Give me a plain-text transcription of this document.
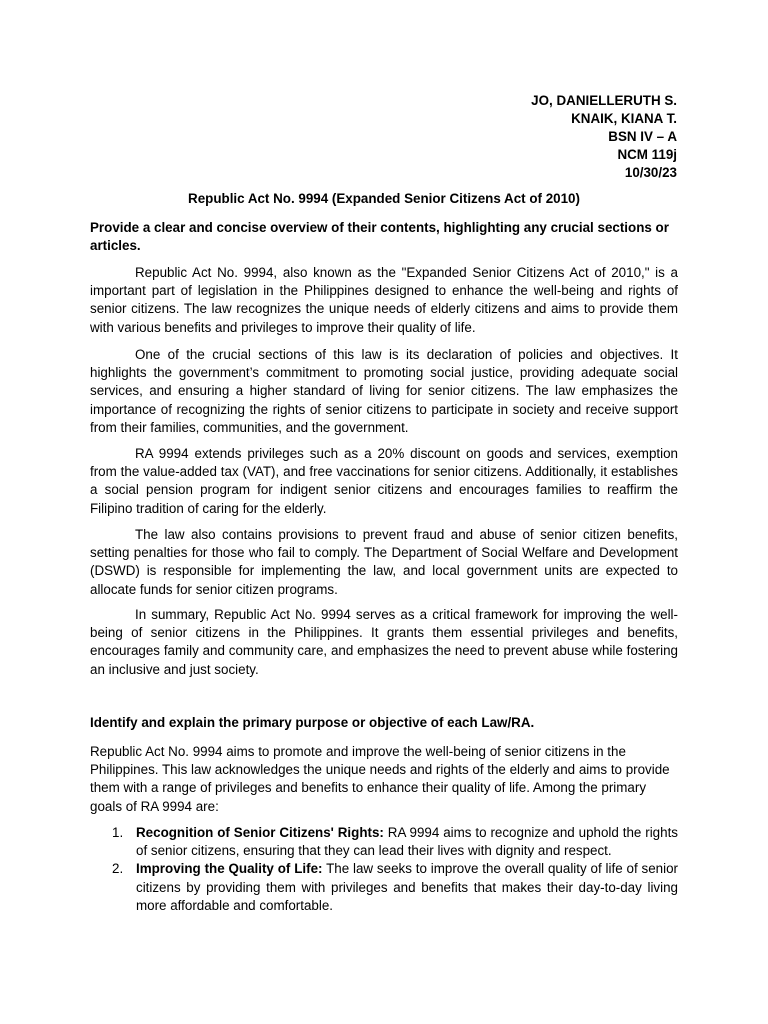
JO, DANIELLERUTH S.
KNAIK, KIANA T.
BSN IV – A
NCM 119j
10/30/23
Republic Act No. 9994 (Expanded Senior Citizens Act of 2010)
Provide a clear and concise overview of their contents, highlighting any crucial sections or articles.

Republic Act No. 9994, also known as the "Expanded Senior Citizens Act of 2010," is a important part of legislation in the Philippines designed to enhance the well-being and rights of senior citizens. The law recognizes the unique needs of elderly citizens and aims to provide them with various benefits and privileges to improve their quality of life.

One of the crucial sections of this law is its declaration of policies and objectives. It highlights the government’s commitment to promoting social justice, providing adequate social services, and ensuring a higher standard of living for senior citizens. The law emphasizes the importance of recognizing the rights of senior citizens to participate in society and receive support from their families, communities, and the government.

RA 9994 extends privileges such as a 20% discount on goods and services, exemption from the value-added tax (VAT), and free vaccinations for senior citizens. Additionally, it establishes a social pension program for indigent senior citizens and encourages families to reaffirm the Filipino tradition of caring for the elderly.

The law also contains provisions to prevent fraud and abuse of senior citizen benefits, setting penalties for those who fail to comply. The Department of Social Welfare and Development (DSWD) is responsible for implementing the law, and local government units are expected to allocate funds for senior citizen programs.

In summary, Republic Act No. 9994 serves as a critical framework for improving the well-being of senior citizens in the Philippines. It grants them essential privileges and benefits, encourages family and community care, and emphasizes the need to prevent abuse while fostering an inclusive and just society.

Identify and explain the primary purpose or objective of each Law/RA.

Republic Act No. 9994 aims to promote and improve the well-being of senior citizens in the Philippines. This law acknowledges the unique needs and rights of the elderly and aims to provide them with a range of privileges and benefits to enhance their quality of life. Among the primary goals of RA 9994 are:

1. Recognition of Senior Citizens' Rights: RA 9994 aims to recognize and uphold the rights of senior citizens, ensuring that they can lead their lives with dignity and respect.
2. Improving the Quality of Life: The law seeks to improve the overall quality of life of senior citizens by providing them with privileges and benefits that makes their day-to-day living more affordable and comfortable.
